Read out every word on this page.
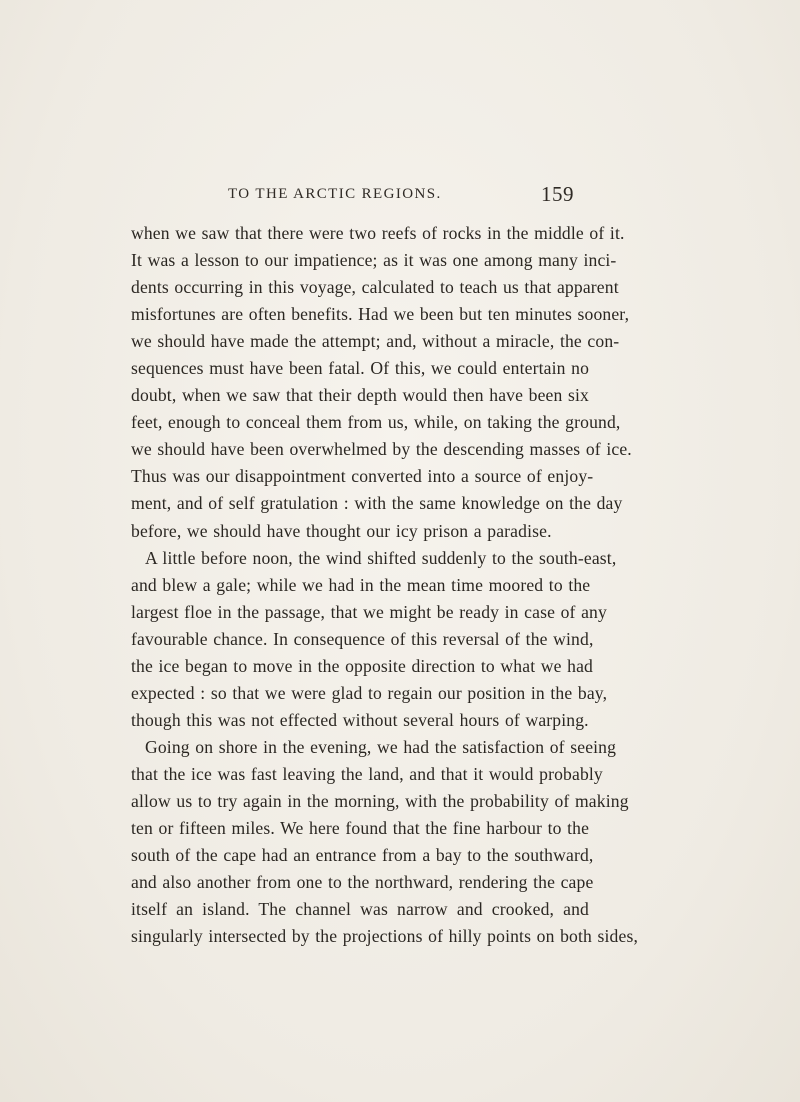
TO THE ARCTIC REGIONS.	159
when we saw that there were two reefs of rocks in the middle of it.
It was a lesson to our impatience; as it was one among many inci-
dents occurring in this voyage, calculated to teach us that apparent
misfortunes are often benefits. Had we been but ten minutes sooner,
we should have made the attempt; and, without a miracle, the con-
sequences must have been fatal. Of this, we could entertain no
doubt, when we saw that their depth would then have been six
feet, enough to conceal them from us, while, on taking the ground,
we should have been overwhelmed by the descending masses of ice.
Thus was our disappointment converted into a source of enjoy-
ment, and of self gratulation : with the same knowledge on the day
before, we should have thought our icy prison a paradise.
A little before noon, the wind shifted suddenly to the south-east,
and blew a gale; while we had in the mean time moored to the
largest floe in the passage, that we might be ready in case of any
favourable chance. In consequence of this reversal of the wind,
the ice began to move in the opposite direction to what we had
expected : so that we were glad to regain our position in the bay,
though this was not effected without several hours of warping.
Going on shore in the evening, we had the satisfaction of seeing
that the ice was fast leaving the land, and that it would probably
allow us to try again in the morning, with the probability of making
ten or fifteen miles. We here found that the fine harbour to the
south of the cape had an entrance from a bay to the southward,
and also another from one to the northward, rendering the cape
itself an island. The channel was narrow and crooked, and
singularly intersected by the projections of hilly points on both sides,
